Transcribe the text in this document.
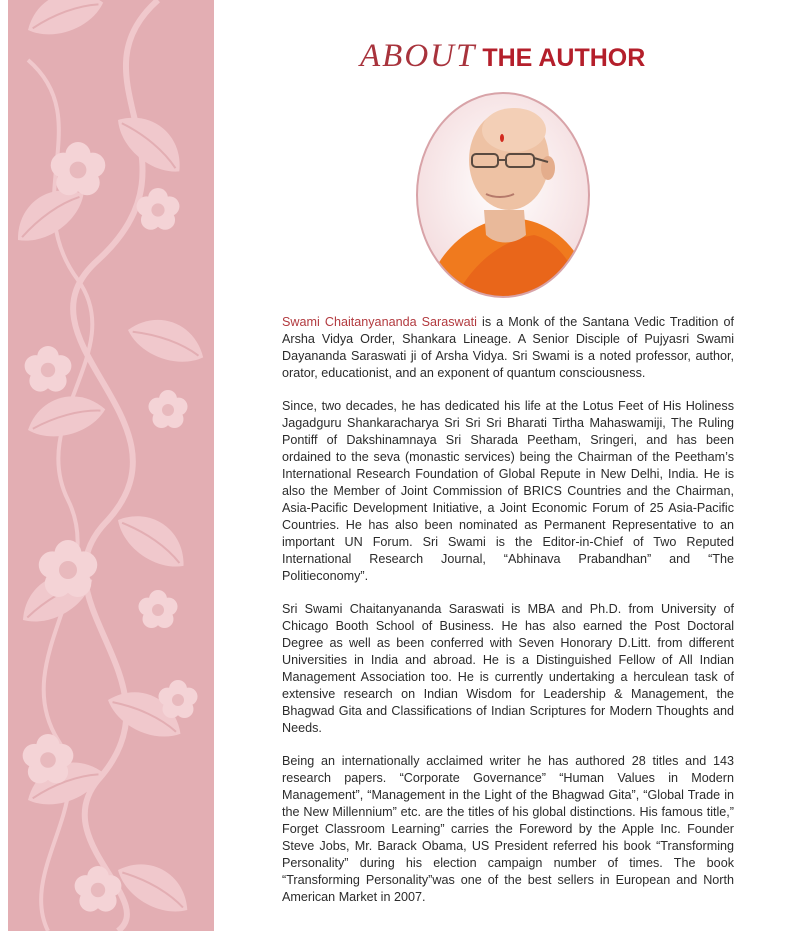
ABOUT THE AUTHOR

Swami Chaitanyananda Saraswati is a Monk of the Santana Vedic Tradition of Arsha Vidya Order, Shankara Lineage. A Senior Disciple of Pujyasri Swami Dayananda Saraswati ji of Arsha Vidya. Sri Swami is a noted professor, author, orator, educationist, and an exponent of quantum consciousness.

Since, two decades, he has dedicated his life at the Lotus Feet of His Holiness Jagadguru Shankaracharya Sri Sri Sri Bharati Tirtha Mahaswamiji, The Ruling Pontiff of Dakshinamnaya Sri Sharada Peetham, Sringeri, and has been ordained to the seva (monastic services) being the Chairman of the Peetham’s International Research Foundation of Global Repute in New Delhi, India. He is also the Member of Joint Commission of BRICS Countries and the Chairman, Asia-Pacific Development Initiative, a Joint Economic Forum of 25 Asia-Pacific Countries. He has also been nominated as Permanent Representative to an important UN Forum. Sri Swami is the Editor-in-Chief of Two Reputed International Research Journal, “Abhinava Prabandhan” and “The Politieconomy”.

Sri Swami Chaitanyananda Saraswati is MBA and Ph.D. from University of Chicago Booth School of Business. He has also earned the Post Doctoral Degree as well as been conferred with Seven Honorary D.Litt. from different Universities in India and abroad. He is a Distinguished Fellow of All Indian Management Association too. He is currently undertaking a herculean task of extensive research on Indian Wisdom for Leadership & Management, the Bhagwad Gita and Classifications of Indian Scriptures for Modern Thoughts and Needs.

Being an internationally acclaimed writer he has authored 28 titles and 143 research papers. “Corporate Governance” “Human Values in Modern Management”, “Management in the Light of the Bhagwad Gita”, “Global Trade in the New Millennium” etc. are the titles of his global distinctions. His famous title,” Forget Classroom Learning” carries the Foreword by the Apple Inc. Founder Steve Jobs, Mr. Barack Obama, US President referred his book “Transforming Personality” during his election campaign number of times. The book “Transforming Personality”was one of the best sellers in European and North American Market in 2007.
